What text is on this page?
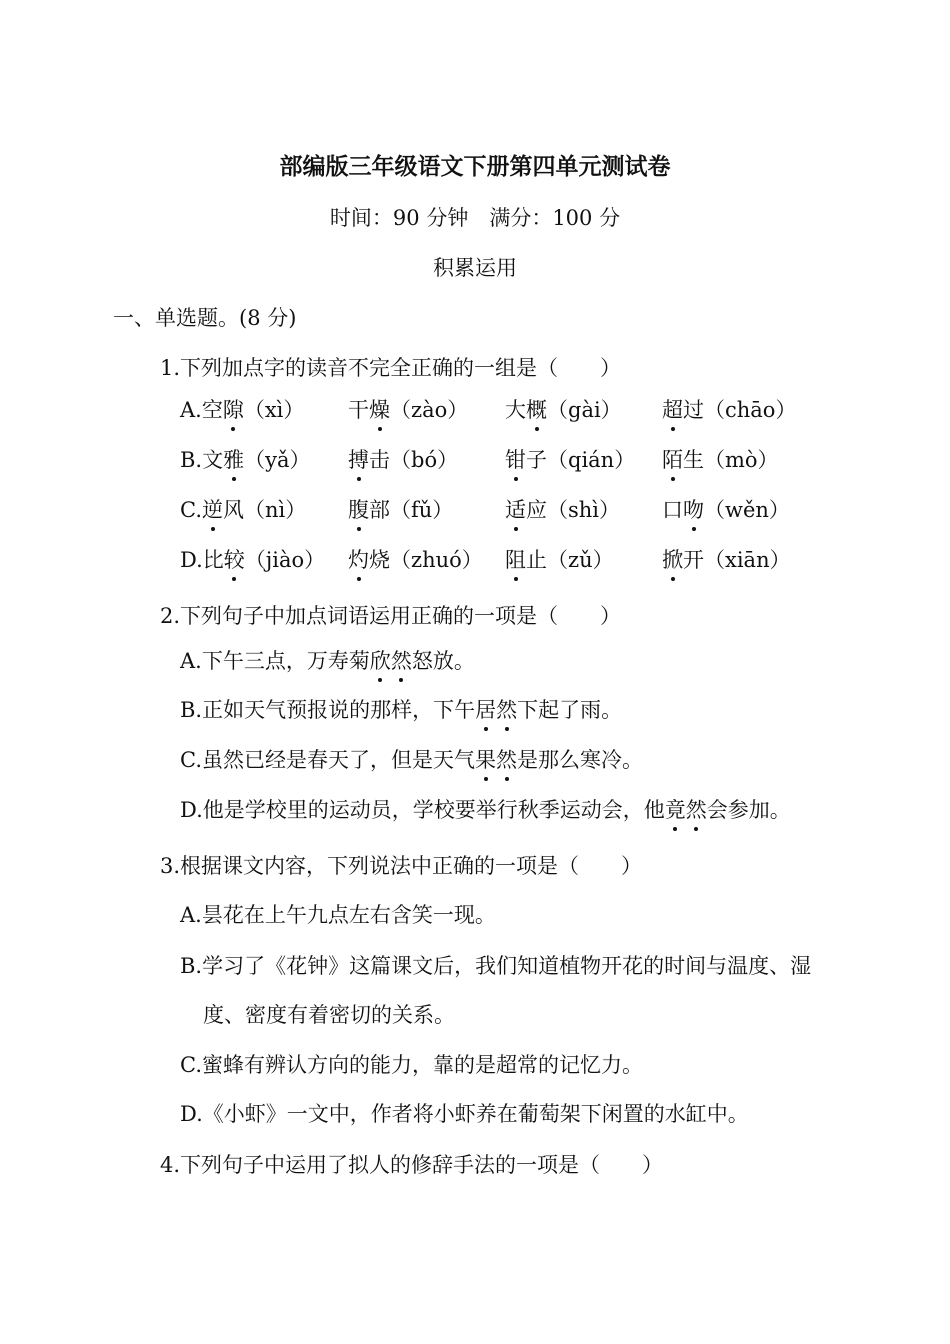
部编版三年级语文下册第四单元测试卷
时间：90 分钟　满分：100 分
积累运用
一、单选题。(8 分)
1.下列加点字的读音不完全正确的一组是（　　）
A.空隙（xì） 干燥（zào） 大概（gài） 超过（chāo）
B.文雅（yǎ） 搏击（bó） 钳子（qián） 陌生（mò）
C.逆风（nì） 腹部（fǔ） 适应（shì） 口吻（wěn）
D.比较（jiào） 灼烧（zhuó） 阻止（zǔ） 掀开（xiān）
2.下列句子中加点词语运用正确的一项是（　　）
A.下午三点，万寿菊欣然怒放。
B.正如天气预报说的那样，下午居然下起了雨。
C.虽然已经是春天了，但是天气果然是那么寒冷。
D.他是学校里的运动员，学校要举行秋季运动会，他竟然会参加。
3.根据课文内容，下列说法中正确的一项是（　　）
A.昙花在上午九点左右含笑一现。
B.学习了《花钟》这篇课文后，我们知道植物开花的时间与温度、湿
度、密度有着密切的关系。
C.蜜蜂有辨认方向的能力，靠的是超常的记忆力。
D.《小虾》一文中，作者将小虾养在葡萄架下闲置的水缸中。
4.下列句子中运用了拟人的修辞手法的一项是（　　）
